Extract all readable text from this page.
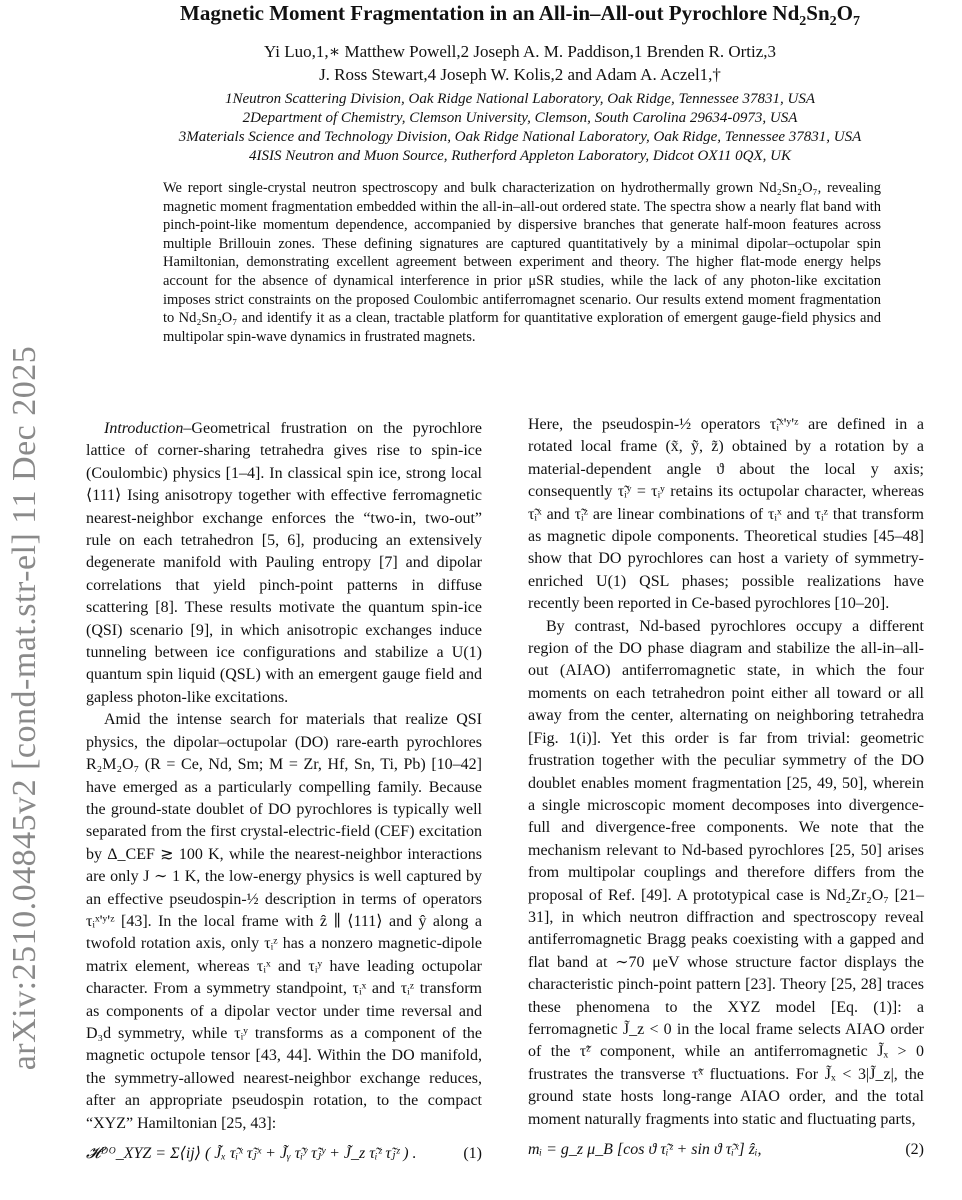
arXiv:2510.04845v2 [cond-mat.str-el] 11 Dec 2025
Magnetic Moment Fragmentation in an All-in–All-out Pyrochlore $Nd_2Sn_2O_7$
Yi Luo,1,∗ Matthew Powell,2 Joseph A. M. Paddison,1 Brenden R. Ortiz,3
J. Ross Stewart,4 Joseph W. Kolis,2 and Adam A. Aczel1,†
1Neutron Scattering Division, Oak Ridge National Laboratory, Oak Ridge, Tennessee 37831, USA
2Department of Chemistry, Clemson University, Clemson, South Carolina 29634-0973, USA
3Materials Science and Technology Division, Oak Ridge National Laboratory, Oak Ridge, Tennessee 37831, USA
4ISIS Neutron and Muon Source, Rutherford Appleton Laboratory, Didcot OX11 0QX, UK
We report single-crystal neutron spectroscopy and bulk characterization on hydrothermally grown Nd₂Sn₂O₇, revealing magnetic moment fragmentation embedded within the all-in–all-out ordered state. The spectra show a nearly flat band with pinch-point-like momentum dependence, accompanied by dispersive branches that generate half-moon features across multiple Brillouin zones. These defining signatures are captured quantitatively by a minimal dipolar–octupolar spin Hamiltonian, demonstrating excellent agreement between experiment and theory. The higher flat-mode energy helps account for the absence of dynamical interference in prior μSR studies, while the lack of any photon-like excitation imposes strict constraints on the proposed Coulombic antiferromagnet scenario. Our results extend moment fragmentation to Nd₂Sn₂O₇ and identify it as a clean, tractable platform for quantitative exploration of emergent gauge-field physics and multipolar spin-wave dynamics in frustrated magnets.

Introduction–Geometrical frustration on the pyrochlore lattice of corner-sharing tetrahedra gives rise to spin-ice (Coulombic) physics [1–4]. In classical spin ice, strong local ⟨111⟩ Ising anisotropy together with effective ferromagnetic nearest-neighbor exchange enforces the “two-in, two-out” rule on each tetrahedron [5, 6], producing an extensively degenerate manifold with Pauling entropy [7] and dipolar correlations that yield pinch-point patterns in diffuse scattering [8]. These results motivate the quantum spin-ice (QSI) scenario [9], in which anisotropic exchanges induce tunneling between ice configurations and stabilize a U(1) quantum spin liquid (QSL) with an emergent gauge field and gapless photon-like excitations.

Amid the intense search for materials that realize QSI physics, the dipolar–octupolar (DO) rare-earth pyrochlores R₂M₂O₇ (R = Ce, Nd, Sm; M = Zr, Hf, Sn, Ti, Pb) [10–42] have emerged as a particularly compelling family. Because the ground-state doublet of DO pyrochlores is typically well separated from the first crystal-electric-field (CEF) excitation by Δ_CEF ≳ 100 K, while the nearest-neighbor interactions are only J ∼ 1 K, the low-energy physics is well captured by an effective pseudospin-½ description in terms of operators τᵢˣ'ʸ'ᶻ [43]. In the local frame with ẑ ∥ ⟨111⟩ and ŷ along a twofold rotation axis, only τᵢᶻ has a nonzero magnetic-dipole matrix element, whereas τᵢˣ and τᵢʸ have leading octupolar character. From a symmetry standpoint, τᵢˣ and τᵢᶻ transform as components of a dipolar vector under time reversal and D₃d symmetry, while τᵢʸ transforms as a component of the magnetic octupole tensor [43, 44]. Within the DO manifold, the symmetry-allowed nearest-neighbor exchange reduces, after an appropriate pseudospin rotation, to the compact “XYZ” Hamiltonian [25, 43]:

𝓗ᴰᴼ_XYZ = Σ⟨ij⟩ ( J̃ₓ τ̃ᵢˣ τ̃ⱼˣ + J̃ᵧ τ̃ᵢʸ τ̃ⱼʸ + J̃_z τ̃ᵢᶻ τ̃ⱼᶻ ) .	(1)

Here, the pseudospin-½ operators τ̃ᵢˣ'ʸ'ᶻ are defined in a rotated local frame (x̃, ỹ, z̃) obtained by a rotation by a material-dependent angle ϑ about the local y axis; consequently τ̃ᵢʸ = τᵢʸ retains its octupolar character, whereas τ̃ᵢˣ and τ̃ᵢᶻ are linear combinations of τᵢˣ and τᵢᶻ that transform as magnetic dipole components. Theoretical studies [45–48] show that DO pyrochlores can host a variety of symmetry-enriched U(1) QSL phases; possible realizations have recently been reported in Ce-based pyrochlores [10–20].

By contrast, Nd-based pyrochlores occupy a different region of the DO phase diagram and stabilize the all-in–all-out (AIAO) antiferromagnetic state, in which the four moments on each tetrahedron point either all toward or all away from the center, alternating on neighboring tetrahedra [Fig. 1(i)]. Yet this order is far from trivial: geometric frustration together with the peculiar symmetry of the DO doublet enables moment fragmentation [25, 49, 50], wherein a single microscopic moment decomposes into divergence-full and divergence-free components. We note that the mechanism relevant to Nd-based pyrochlores [25, 50] arises from multipolar couplings and therefore differs from the proposal of Ref. [49]. A prototypical case is Nd₂Zr₂O₇ [21–31], in which neutron diffraction and spectroscopy reveal antiferromagnetic Bragg peaks coexisting with a gapped and flat band at ∼70 μeV whose structure factor displays the characteristic pinch-point pattern [23]. Theory [25, 28] traces these phenomena to the XYZ model [Eq. (1)]: a ferromagnetic J̃_z < 0 in the local frame selects AIAO order of the τ̃ᶻ component, while an antiferromagnetic J̃ₓ > 0 frustrates the transverse τ̃ˣ fluctuations. For J̃ₓ < 3|J̃_z|, the ground state hosts long-range AIAO order, and the total moment naturally fragments into static and fluctuating parts,

mᵢ = g_z μ_B [cos ϑ τ̃ᵢᶻ + sin ϑ τ̃ᵢˣ] ẑᵢ,	(2)
